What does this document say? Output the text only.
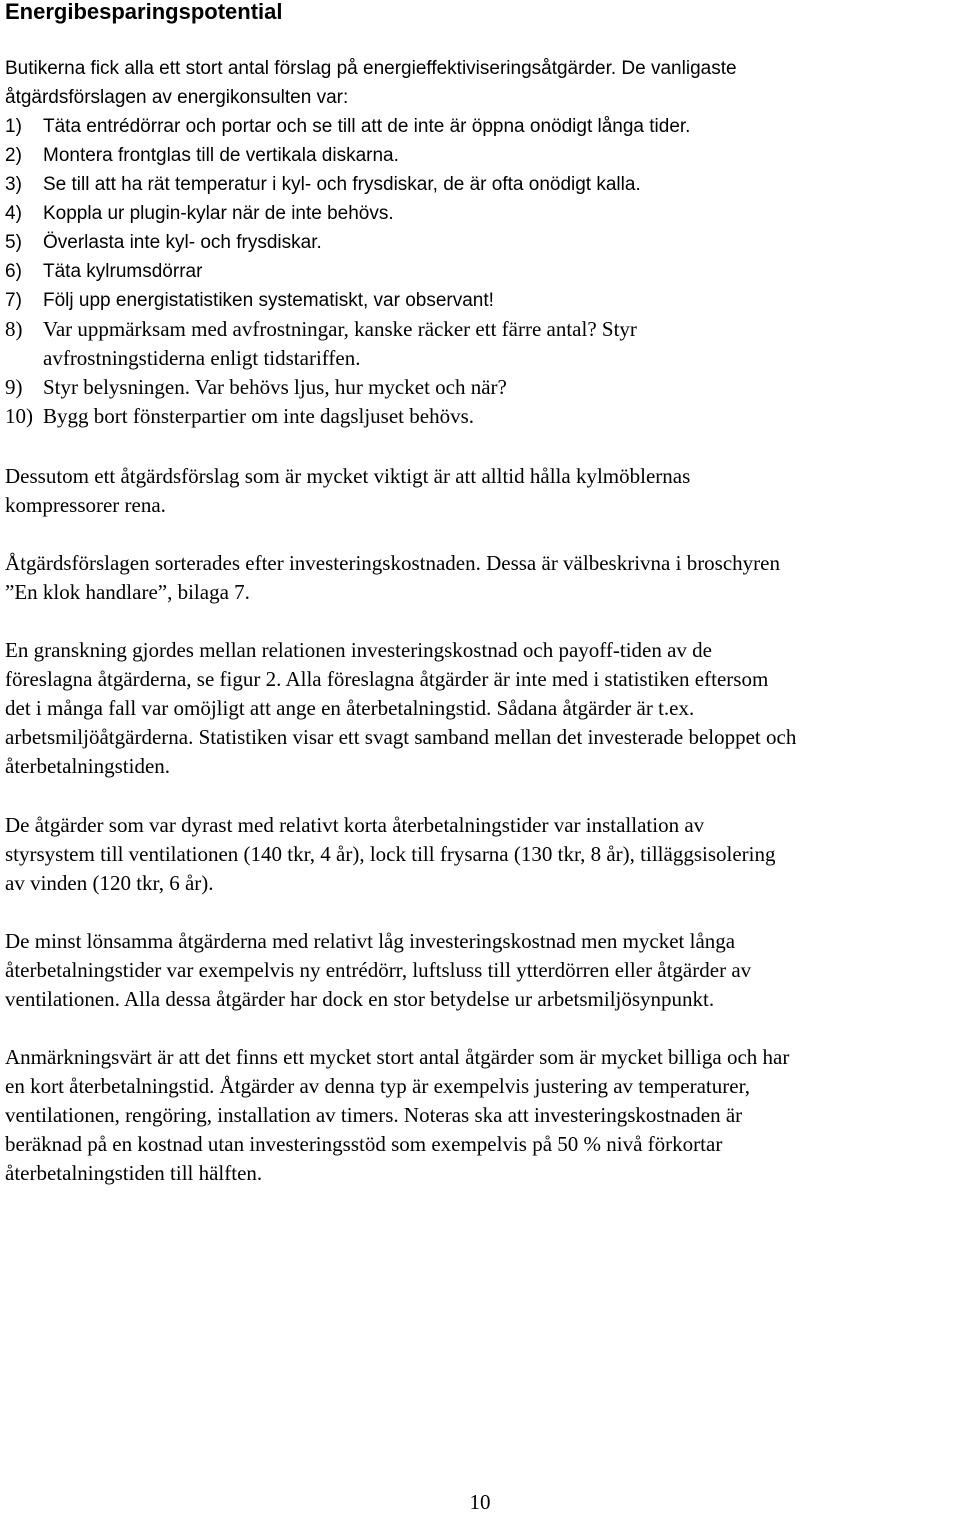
Energibesparingspotential

Butikerna fick alla ett stort antal förslag på energieffektiviseringsåtgärder. De vanligaste

åtgärdsförslagen av energikonsulten var:

1)	Täta entrédörrar och portar och se till att de inte är öppna onödigt långa tider.
2)	Montera frontglas till de vertikala diskarna.
3)	Se till att ha rät temperatur i kyl- och frysdiskar, de är ofta onödigt kalla.
4)	Koppla ur plugin-kylar när de inte behövs.
5)	Överlasta inte kyl- och frysdiskar.
6)	Täta kylrumsdörrar
7)	Följ upp energistatistiken systematiskt, var observant!
8) Var uppmärksam med avfrostningar, kanske räcker ett färre antal? Styr
avfrostningstiderna enligt tidstariffen.
9) Styr belysningen. Var behövs ljus, hur mycket och när?
10) Bygg bort fönsterpartier om inte dagsljuset behövs.

Dessutom ett åtgärdsförslag som är mycket viktigt är att alltid hålla kylmöblernas
kompressorer rena.

Åtgärdsförslagen sorterades efter investeringskostnaden. Dessa är välbeskrivna i broschyren
”En klok handlare”, bilaga 7.

En granskning gjordes mellan relationen investeringskostnad och payoff-tiden av de
föreslagna åtgärderna, se figur 2. Alla föreslagna åtgärder är inte med i statistiken eftersom
det i många fall var omöjligt att ange en återbetalningstid. Sådana åtgärder är t.ex.
arbetsmiljöåtgärderna. Statistiken visar ett svagt samband mellan det investerade beloppet och
återbetalningstiden.

De åtgärder som var dyrast med relativt korta återbetalningstider var installation av
styrsystem till ventilationen (140 tkr, 4 år), lock till frysarna (130 tkr, 8 år), tilläggsisolering
av vinden (120 tkr, 6 år).

De minst lönsamma åtgärderna med relativt låg investeringskostnad men mycket långa
återbetalningstider var exempelvis ny entrédörr, luftsluss till ytterdörren eller åtgärder av
ventilationen. Alla dessa åtgärder har dock en stor betydelse ur arbetsmiljösynpunkt.

Anmärkningsvärt är att det finns ett mycket stort antal åtgärder som är mycket billiga och har
en kort återbetalningstid. Åtgärder av denna typ är exempelvis justering av temperaturer,
ventilationen, rengöring, installation av timers. Noteras ska att investeringskostnaden är
beräknad på en kostnad utan investeringsstöd som exempelvis på 50 % nivå förkortar
återbetalningstiden till hälften.

10
